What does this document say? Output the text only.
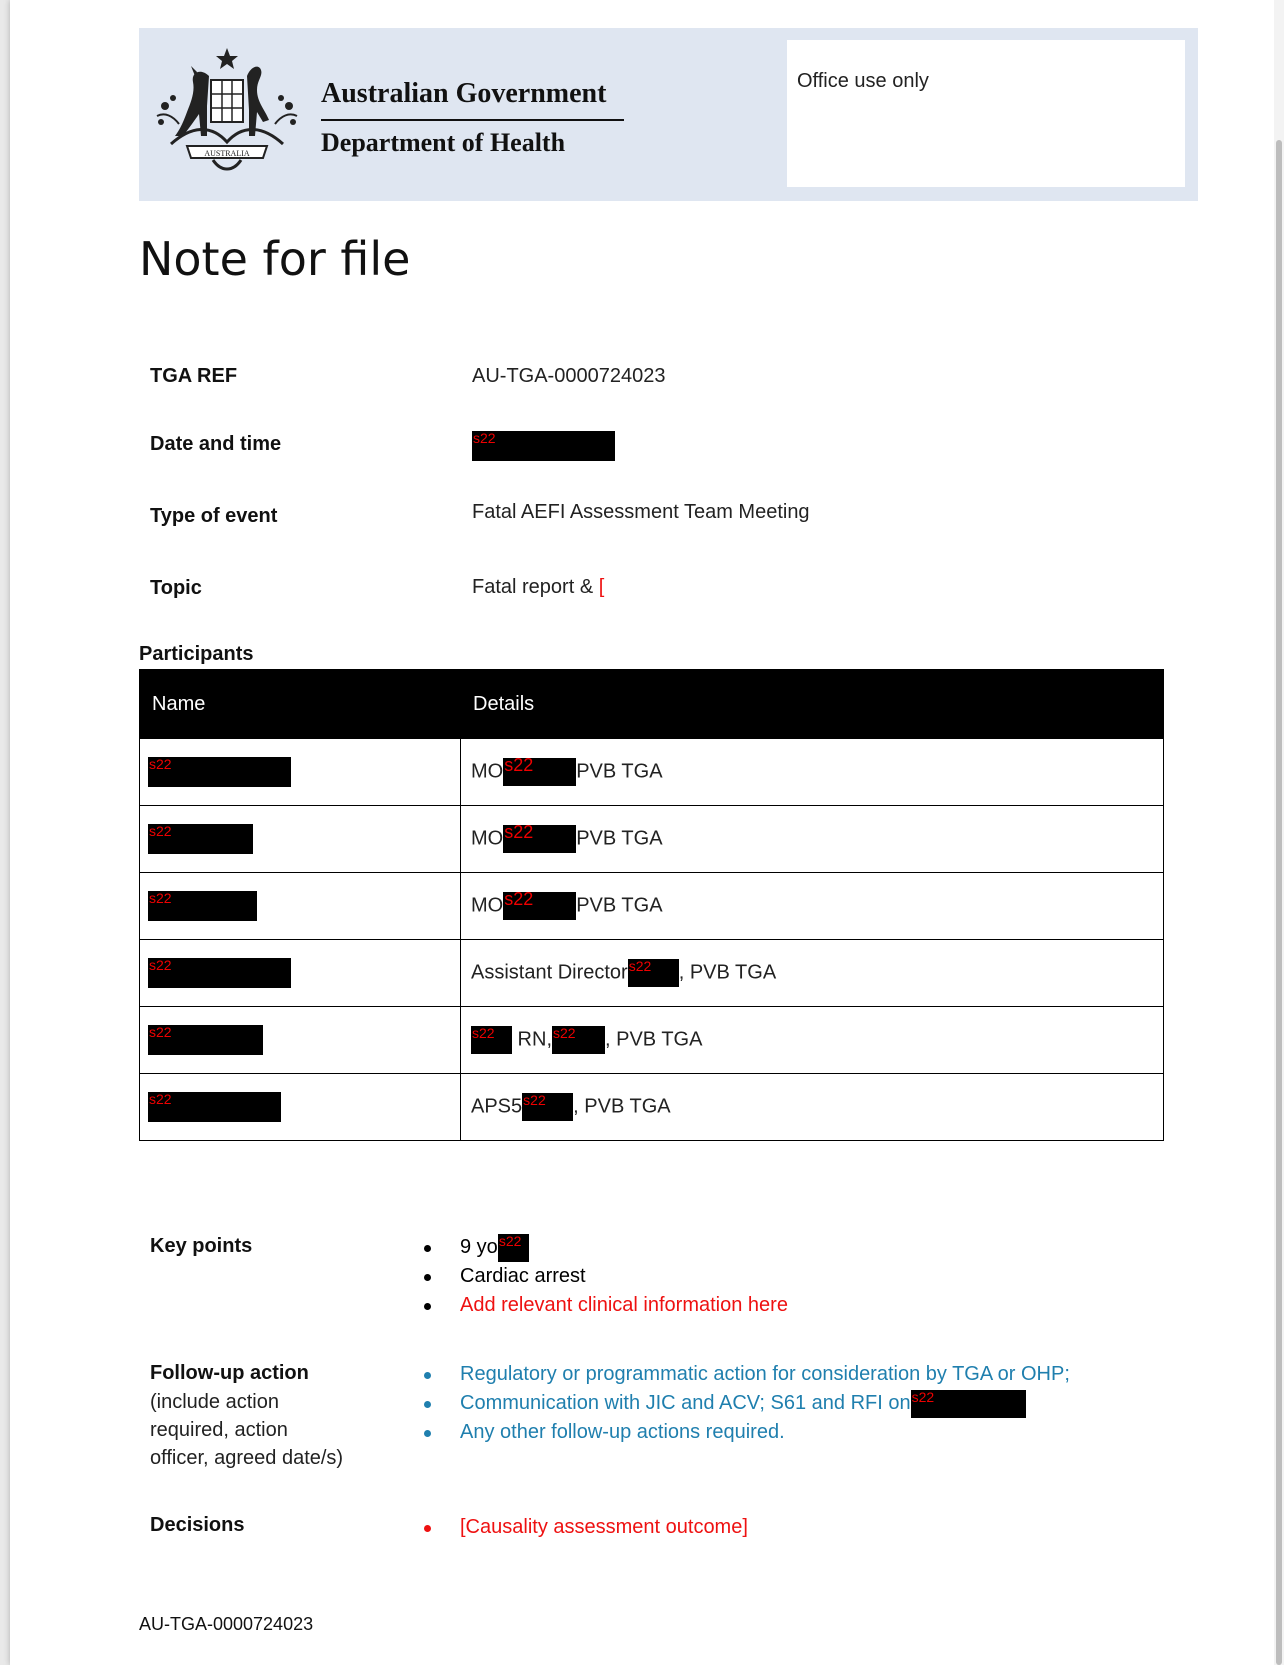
AUSTRALIA
Australian Government
Department of Health
Office use only
Note for file
TGA REF	AU-TGA-0000724023
Date and time	s22
Type of event	Fatal AEFI Assessment Team Meeting
Topic	Fatal report & [
Participants
Name	Details
s22	MOs22 PVB TGA
s22	MOs22 PVB TGA
s22	MOs22 PVB TGA
s22	Assistant Directors22 , PVB TGA
s22	s22 RN,s22 , PVB TGA
s22	APS5s22 , PVB TGA
Key points	9 yos22
Cardiac arrest
Add relevant clinical information here
Follow-up action
(include action
required, action
officer, agreed date/s)
Regulatory or programmatic action for consideration by TGA or OHP;
Communication with JIC and ACV; S61 and RFI ons22
Any other follow-up actions required.
Decisions	[Causality assessment outcome]
AU-TGA-0000724023
